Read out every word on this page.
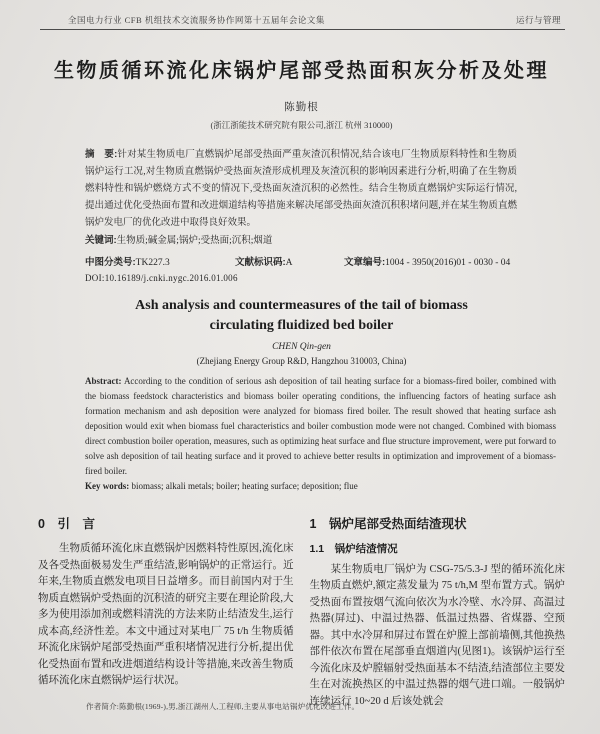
全国电力行业 CFB 机组技术交流服务协作网第十五届年会论文集	运行与管理
生物质循环流化床锅炉尾部受热面积灰分析及处理
陈勤根
(浙江浙能技术研究院有限公司,浙江 杭州 310000)

摘　要:针对某生物质电厂直燃锅炉尾部受热面严重灰渣沉积情况,结合该电厂生物质原料特性和生物质锅炉运行工况,对生物质直燃锅炉受热面灰渣形成机理及灰渣沉积的影响因素进行分析,明确了在生物质燃料特性和锅炉燃烧方式不变的情况下,受热面灰渣沉积的必然性。结合生物质直燃锅炉实际运行情况,提出通过优化受热面布置和改进烟道结构等措施来解决尾部受热面灰渣沉积积堵问题,并在某生物质直燃锅炉发电厂的优化改进中取得良好效果。

关键词:生物质;碱金属;锅炉;受热面;沉积;烟道

中图分类号:TK227.3	文献标识码:A	文章编号:1004 - 3950(2016)01 - 0030 - 04
DOI:10.16189/j.cnki.nygc.2016.01.006
Ash analysis and countermeasures of the tail of biomass
circulating fluidized bed boiler
CHEN Qin-gen
(Zhejiang Energy Group R&D, Hangzhou 310003, China)

Abstract: According to the condition of serious ash deposition of tail heating surface for a biomass-fired boiler, combined with the biomass feedstock characteristics and biomass boiler operating conditions, the influencing factors of heating surface ash formation mechanism and ash deposition were analyzed for biomass fired boiler. The result showed that heating surface ash deposition would exit when biomass fuel characteristics and boiler combustion mode were not changed. Combined with biomass direct combustion boiler operation, measures, such as optimizing heat surface and flue structure improvement, were put forward to solve ash deposition of tail heating surface and it proved to achieve better results in optimization and improvement of a biomass-fired boiler.

Key words: biomass; alkali metals; boiler; heating surface; deposition; flue

0　引　言

生物质循环流化床直燃锅炉因燃料特性原因,流化床及各受热面极易发生严重结渣,影响锅炉的正常运行。近年来,生物质直燃发电项目日益增多。而目前国内对于生物质直燃锅炉受热面的沉积渣的研究主要在理论阶段,大多为使用添加剂或燃料清洗的方法来防止结渣发生,运行成本高,经济性差。本文中通过对某电厂 75 t/h 生物质循环流化床锅炉尾部受热面严重积堵情况进行分析,提出优化受热面布置和改进烟道结构设计等措施,来改善生物质循环流化床直燃锅炉运行状况。

1　锅炉尾部受热面结渣现状
1.1　锅炉结渣情况

某生物质电厂锅炉为 CSG-75/5.3-J 型的循环流化床生物质直燃炉,额定蒸发量为 75 t/h,M 型布置方式。锅炉受热面布置按烟气流向依次为水冷壁、水冷屏、高温过热器(屏过)、中温过热器、低温过热器、省煤器、空预器。其中水冷屏和屏过布置在炉膛上部前墙侧,其他换热部件依次布置在尾部垂直烟道内(见图1)。该锅炉运行至今流化床及炉膛辐射受热面基本不结渣,结渣部位主要发生在对流换热区的中温过热器的烟气进口端。一般锅炉连续运行 10~20 d 后该处就会

作者简介:陈勤根(1969-),男,浙江湖州人,工程师,主要从事电站锅炉优化改进工作。
